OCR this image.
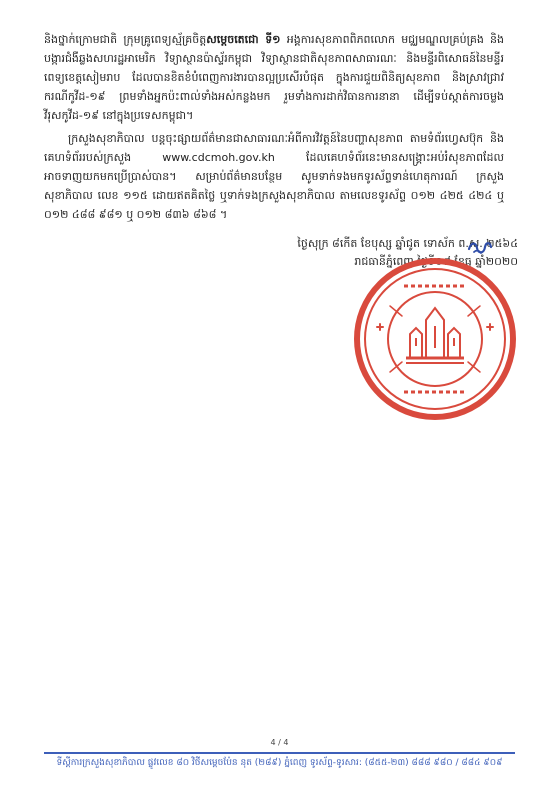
និងថ្នាក់ក្រោមជាតិ ក្រុមគ្រូពេទ្យស្ម័គ្រចិត្តសម្តេចតេជោ ទី១ អង្គការសុខភាពពិភពលោក មជ្ឈមណ្ឌលគ្រប់គ្រង និងបង្ការជំងឺឆ្លងសហរដ្ឋអាមេរិក វិទ្យាស្ថានប៉ាស្ទ័រកម្ពុជា វិទ្យាស្ថានជាតិសុខភាពសាធារណៈ និងមន្ទីរពិសោធន៍នៃមន្ទីរពេទ្យខេត្តសៀមរាប ដែលបានខិតខំបំពេញការងារបានល្អប្រសើរបំផុត ក្នុងការជួយពិនិត្យសុខភាព និងស្រាវជ្រាវករណីកូវីដ-១៩ ព្រមទាំងអ្នកប៉ះពាល់ទាំងអស់កន្លងមក រួមទាំងការដាក់វិធានការនានា ដើម្បីទប់ស្កាត់ការចម្លងវីរុសកូវីដ-១៩ នៅក្នុងប្រទេសកម្ពុជា។

ក្រសួងសុខាភិបាល បន្តចុះផ្សាយព័ត៌មានជាសាធារណៈអំពីការវិវត្តន៍នៃបញ្ហាសុខភាព តាមទំព័រហ្វេសប៊ុក និងគេហទំព័ររបស់ក្រសួង www.cdcmoh.gov.kh ដែលគេហទំព័រនេះមានសង្គ្រោះអប់រំសុខភាពដែលអាចទាញយកមកប្រើប្រាស់បាន។ សម្រាប់ព័ត៌មានបន្ថែម សូមទាក់ទងមកទូរស័ព្ទទាន់ហេតុការណ៍ ក្រសួងសុខាភិបាល លេខ ១១៥ ដោយឥតគិតថ្លៃ ឬទាក់ទងក្រសួងសុខាភិបាល តាមលេខទូរស័ព្ទ ០១២ ៤២៥ ៤២៤ ឬ ០១២ ៤៨៨ ៩៨១ ឬ ០១២ ៨៣៦ ៨៦៨ ។

ថ្ងៃសុក្រ ៨កើត ខែបុស្ស ឆ្នាំជូត ទោស័ក ព.ស. ២៥៦៤
រាជធានីភ្នំពេញ ថ្ងៃទី១៨ ខែធ្នូ ឆ្នាំ២០២០
4 / 4
ទីស្តីការក្រសួងសុខាភិបាល ផ្លូវលេខ ៨០ វិថីសម្តេចប៉ែន នុត (២៨៩) ភ្នំពេញ ទូរស័ព្ទ-ទូរសារ: (៨៥៥-២៣) ៨៨៨ ៩៨០ / ៨៨៤ ៩០៩
